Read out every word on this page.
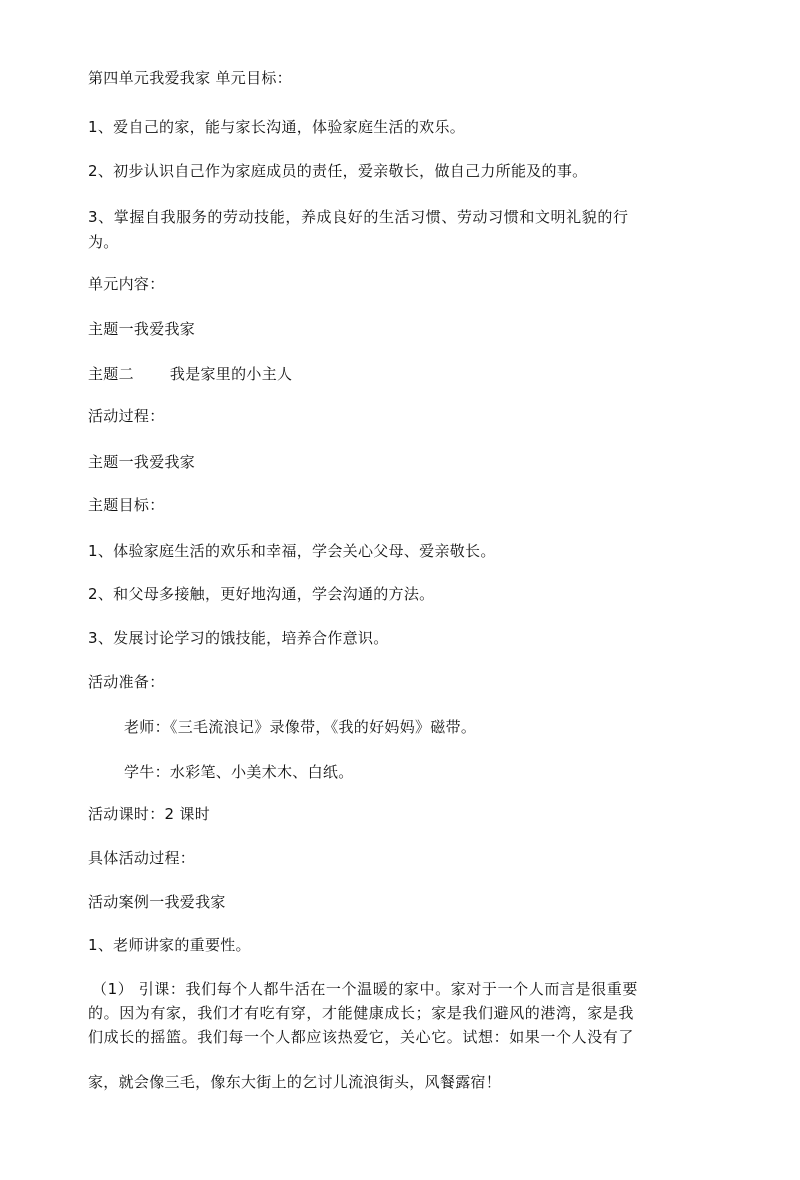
第四单元我爱我家 单元目标：
1、爱自己的家，能与家长沟通，体验家庭生活的欢乐。
2、初步认识自己作为家庭成员的责任，爱亲敬长，做自己力所能及的事。
3、掌握自我服务的劳动技能，养成良好的生活习惯、劳动习惯和文明礼貌的行
为。
单元内容：
主题一我爱我家
主题二 我是家里的小主人
活动过程：
主题一我爱我家
主题目标：
1、体验家庭生活的欢乐和幸福，学会关心父母、爱亲敬长。
2、和父母多接触，更好地沟通，学会沟通的方法。
3、发展讨论学习的饿技能，培养合作意识。
活动准备：
老师：《三毛流浪记》录像带，《我的好妈妈》磁带。
学牛：水彩笔、小美术木、白纸。
活动课时：2 课时
具体活动过程：
活动案例一我爱我家
1、老师讲家的重要性。
（1） 引课：我们每个人都牛活在一个温暖的家中。家对于一个人而言是很重要
的。因为有家，我们才有吃有穿，才能健康成长；家是我们避风的港湾，家是我
们成长的摇篮。我们每一个人都应该热爱它，关心它。试想：如果一个人没有了
家，就会像三毛，像东大街上的乞讨儿流浪街头，风餐露宿！
